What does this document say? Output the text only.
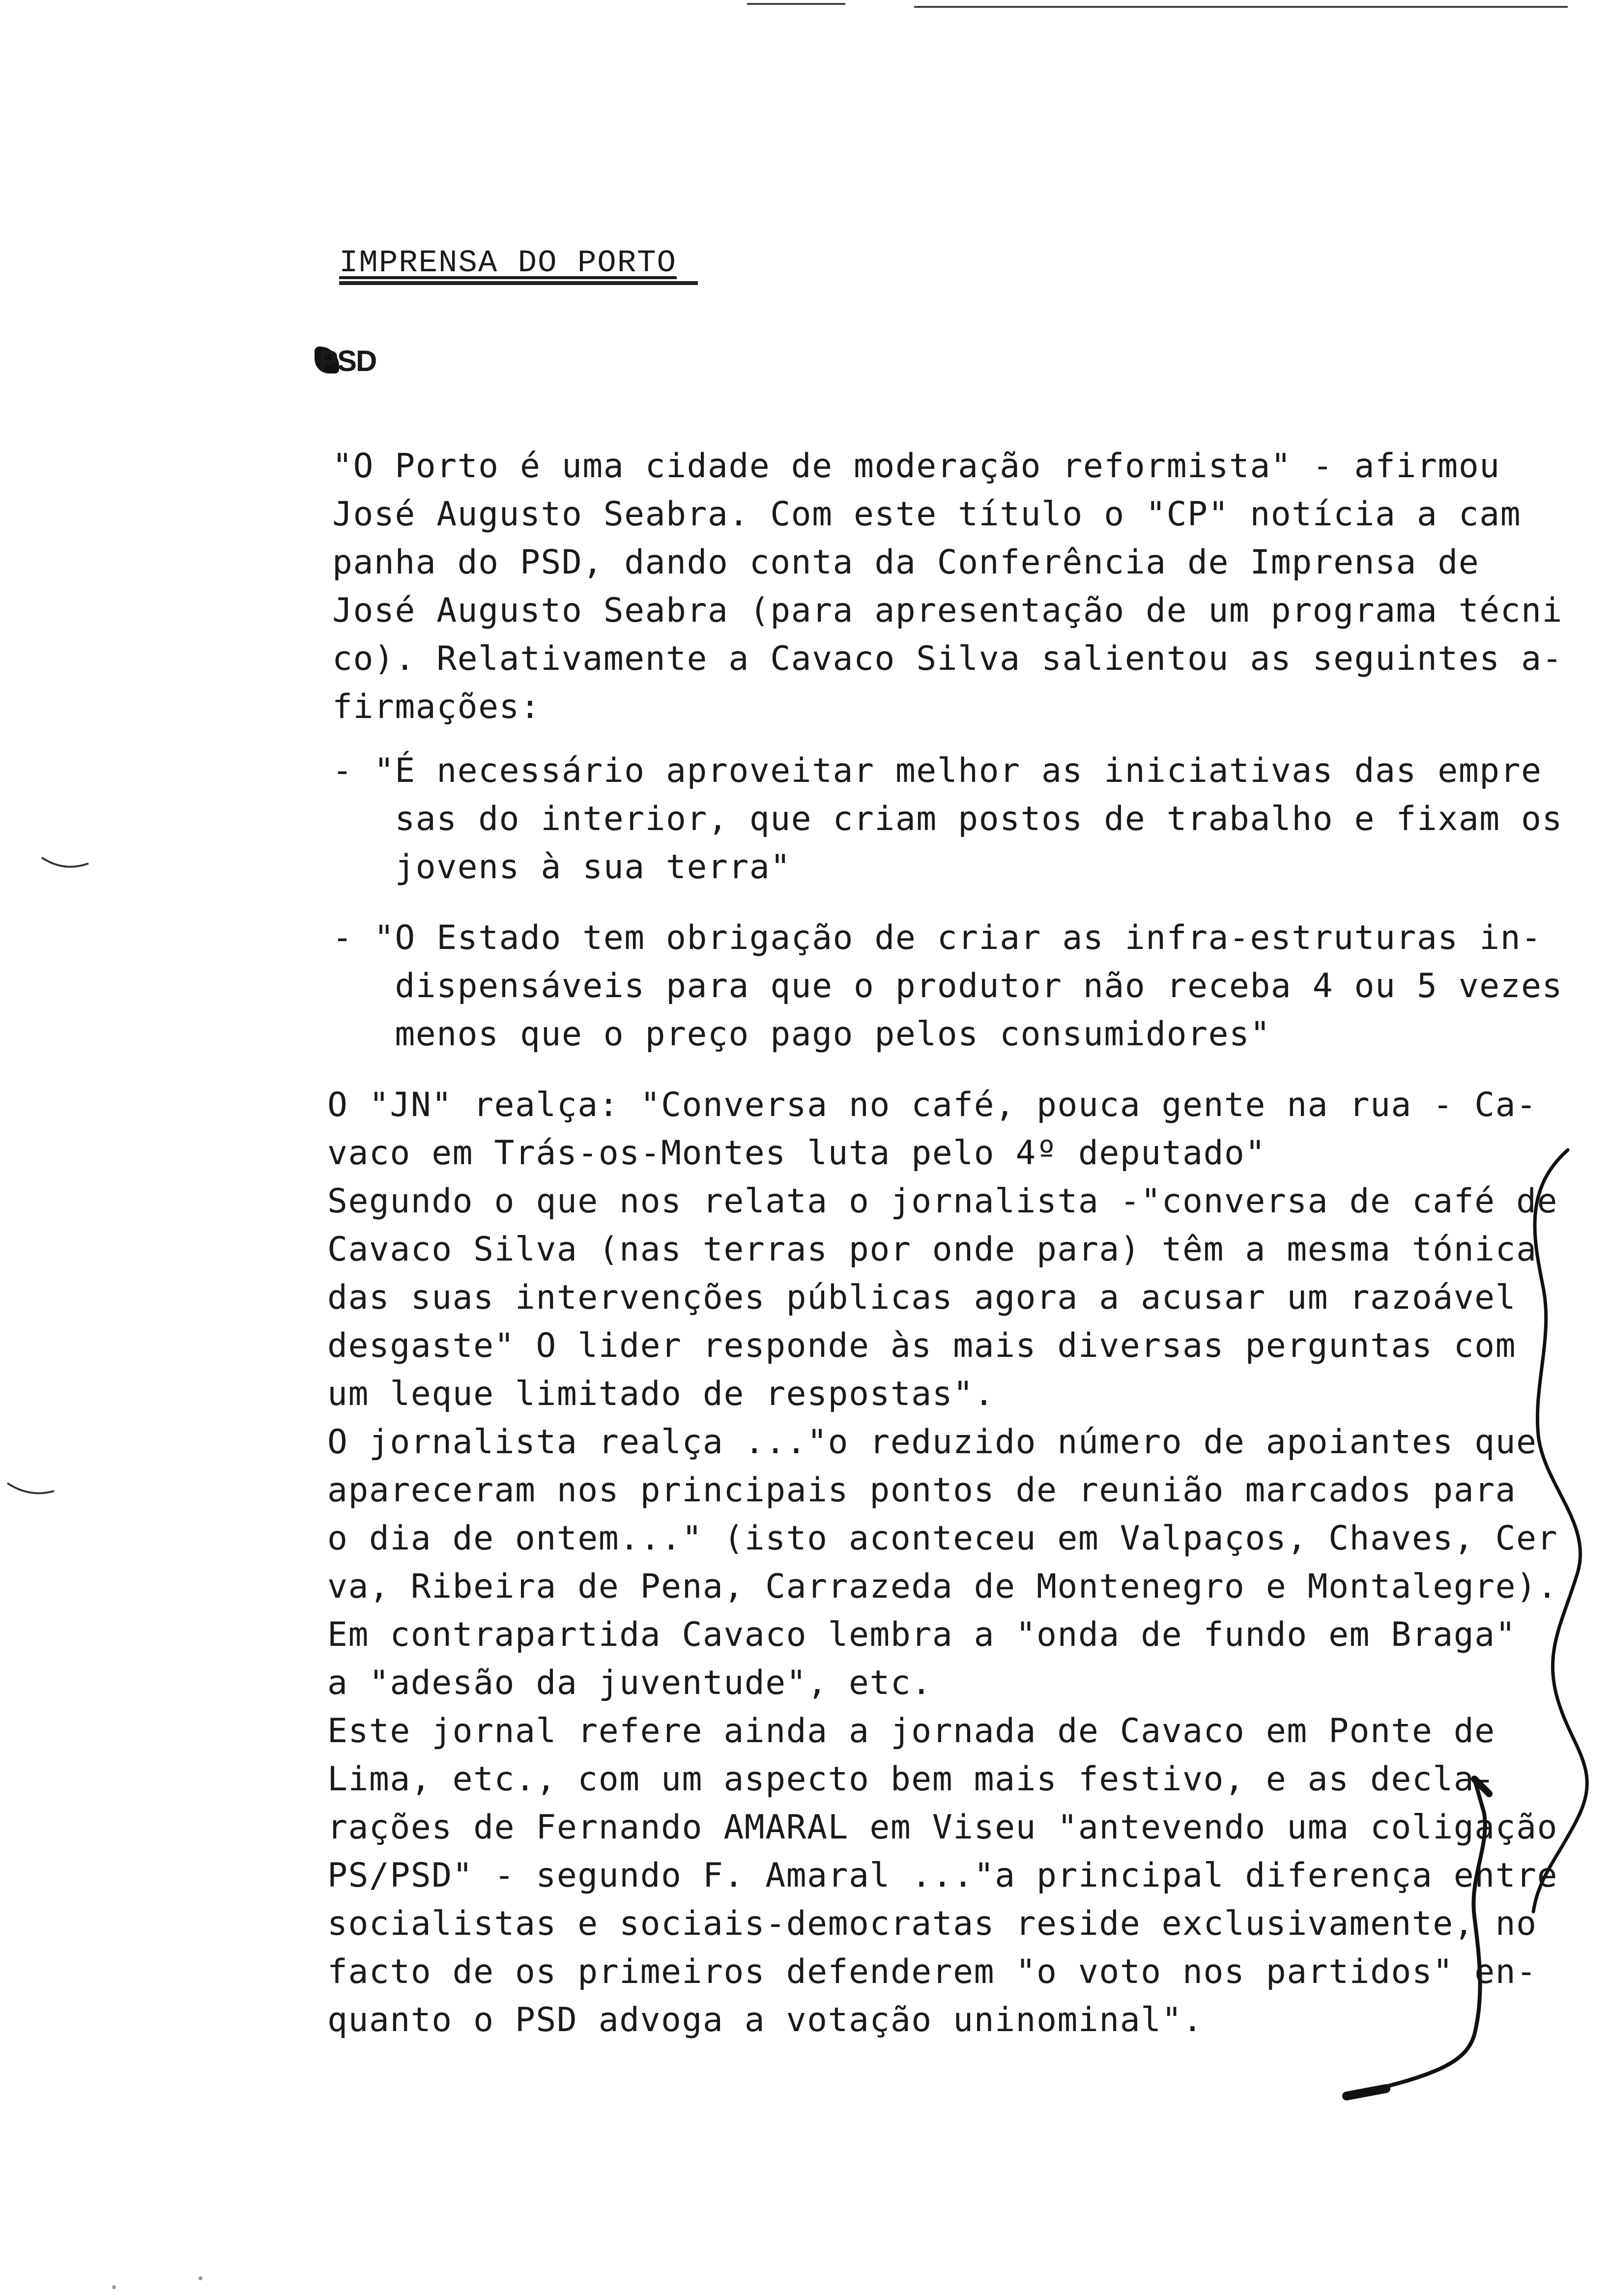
IMPRENSA DO PORTO
PSD
"O Porto é uma cidade de moderação reformista" - afirmou
José Augusto Seabra. Com este título o "CP" notícia a cam
panha do PSD, dando conta da Conferência de Imprensa de
José Augusto Seabra (para apresentação de um programa técni
co). Relativamente a Cavaco Silva salientou as seguintes a-
firmações:
- "É necessário aproveitar melhor as iniciativas das empre
sas do interior, que criam postos de trabalho e fixam os
jovens à sua terra"
- "O Estado tem obrigação de criar as infra-estruturas in-
dispensáveis para que o produtor não receba 4 ou 5 vezes
menos que o preço pago pelos consumidores"
O "JN" realça: "Conversa no café, pouca gente na rua - Ca-
vaco em Trás-os-Montes luta pelo 4º deputado"
Segundo o que nos relata o jornalista -"conversa de café de
Cavaco Silva (nas terras por onde para) têm a mesma tónica
das suas intervenções públicas agora a acusar um razoável
desgaste" O lider responde às mais diversas perguntas com
um leque limitado de respostas".
O jornalista realça ..."o reduzido número de apoiantes que
apareceram nos principais pontos de reunião marcados para
o dia de ontem..." (isto aconteceu em Valpaços, Chaves, Cer
va, Ribeira de Pena, Carrazeda de Montenegro e Montalegre).
Em contrapartida Cavaco lembra a "onda de fundo em Braga"
a "adesão da juventude", etc.
Este jornal refere ainda a jornada de Cavaco em Ponte de
Lima, etc., com um aspecto bem mais festivo, e as decla-
rações de Fernando AMARAL em Viseu "antevendo uma coligação
PS/PSD" - segundo F. Amaral ..."a principal diferença entre
socialistas e sociais-democratas reside exclusivamente, no
facto de os primeiros defenderem "o voto nos partidos" en-
quanto o PSD advoga a votação uninominal".
